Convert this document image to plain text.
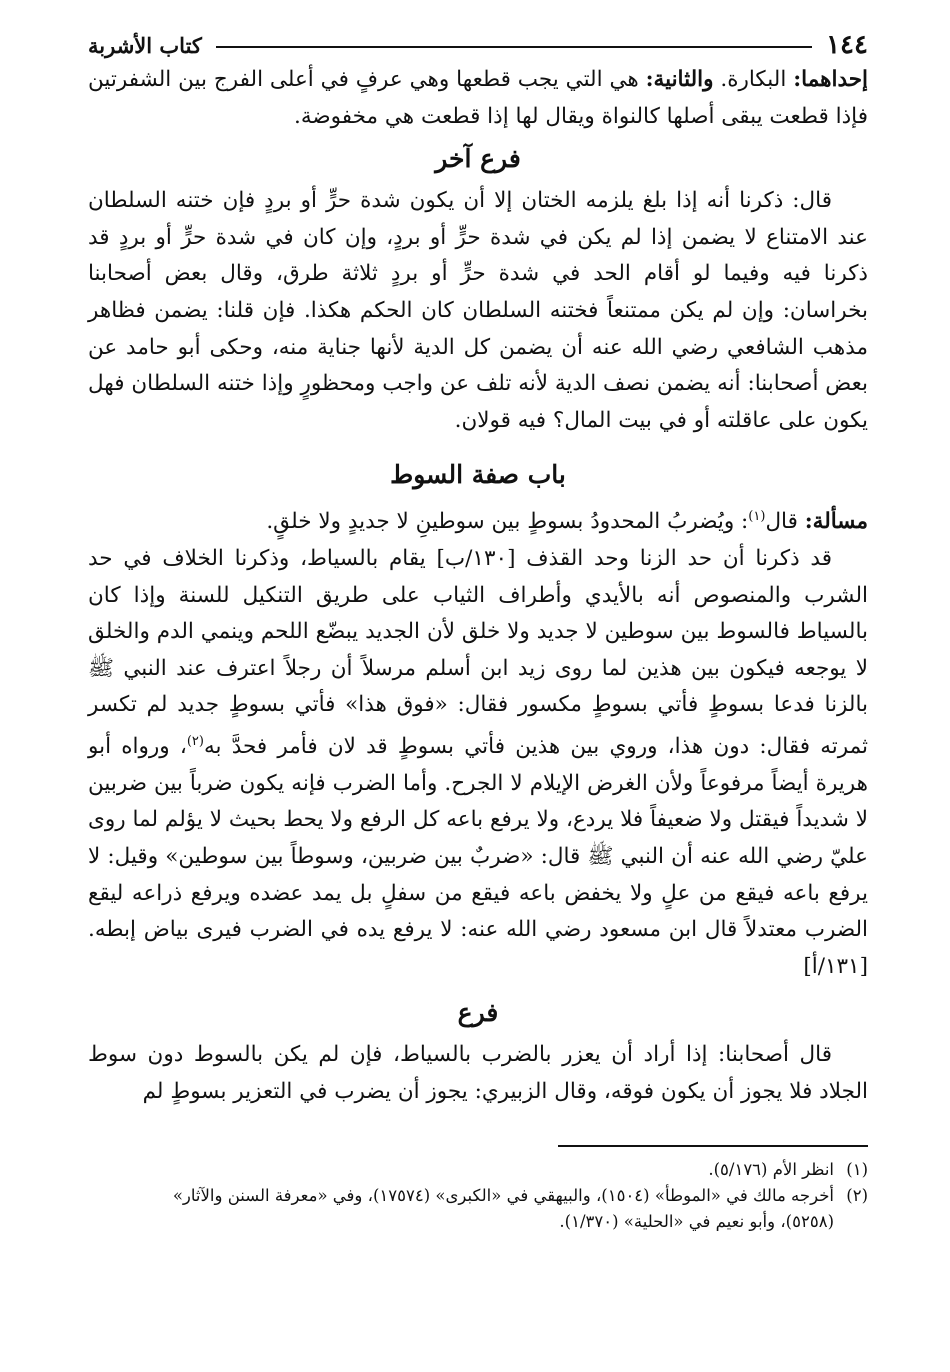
١٤٤
كتاب الأشربة

إحداهما: البكارة. والثانية: هي التي يجب قطعها وهي عرفٍ في أعلى الفرج بين الشفرتين فإذا قطعت يبقى أصلها كالنواة ويقال لها إذا قطعت هي مخفوضة.

فرع آخر

قال: ذكرنا أنه إذا بلغ يلزمه الختان إلا أن يكون شدة حرٍّ أو بردٍ فإن ختنه السلطان عند الامتناع لا يضمن إذا لم يكن في شدة حرٍّ أو بردٍ، وإن كان في شدة حرٍّ أو بردٍ قد ذكرنا فيه وفيما لو أقام الحد في شدة حرٍّ أو بردٍ ثلاثة طرق، وقال بعض أصحابنا بخراسان: وإن لم يكن ممتنعاً فختنه السلطان كان الحكم هكذا. فإن قلنا: يضمن فظاهر مذهب الشافعي رضي الله عنه أن يضمن كل الدية لأنها جناية منه، وحكى أبو حامد عن بعض أصحابنا: أنه يضمن نصف الدية لأنه تلف عن واجب ومحظورٍ وإذا ختنه السلطان فهل يكون على عاقلته أو في بيت المال؟ فيه قولان.

باب صفة السوط

مسألة: قال$^{(١)}$: ويُضربُ المحدودُ بسوطٍ بين سوطينِ لا جديدٍ ولا خلقٍ.

قد ذكرنا أن حد الزنا وحد القذف [١٣٠/ب] يقام بالسياط، وذكرنا الخلاف في حد الشرب والمنصوص أنه بالأيدي وأطراف الثياب على طريق التنكيل للسنة وإذا كان بالسياط فالسوط بين سوطين لا جديد ولا خلق لأن الجديد يبضّع اللحم وينمي الدم والخلق لا يوجعه فيكون بين هذين لما روى زيد ابن أسلم مرسلاً أن رجلاً اعترف عند النبي ﷺ بالزنا فدعا بسوطٍ فأتي بسوطٍ مكسور فقال: «فوق هذا» فأتي بسوطٍ جديد لم تكسر ثمرته فقال: دون هذا، وروي بين هذين فأتي بسوطٍ قد لان فأمر فحدَّ به$^{(٢)}$، ورواه أبو هريرة أيضاً مرفوعاً ولأن الغرض الإيلام لا الجرح. وأما الضرب فإنه يكون ضرباً بين ضربين لا شديداً فيقتل ولا ضعيفاً فلا يردع، ولا يرفع باعه كل الرفع ولا يحط بحيث لا يؤلم لما روى عليّ رضي الله عنه أن النبي ﷺ قال: «ضربٌ بين ضربين، وسوطاً بين سوطين» وقيل: لا يرفع باعه فيقع من علٍ ولا يخفض باعه فيقع من سفلٍ بل يمد عضده ويرفع ذراعه ليقع الضرب معتدلاً قال ابن مسعود رضي الله عنه: لا يرفع يده في الضرب فيرى بياض إبطه. [١٣١/أ]

فرع

قال أصحابنا: إذا أراد أن يعزر بالضرب بالسياط، فإن لم يكن بالسوط دون سوط الجلاد فلا يجوز أن يكون فوقه، وقال الزبيري: يجوز أن يضرب في التعزير بسوطٍ لم

(١)انظر الأم (٥/١٧٦).

(٢)أخرجه مالك في «الموطأ» (١٥٠٤)، والبيهقي في «الكبرى» (١٧٥٧٤)، وفي «معرفة السنن والآثار»

(٥٢٥٨)، وأبو نعيم في «الحلية» (١/٣٧٠).
